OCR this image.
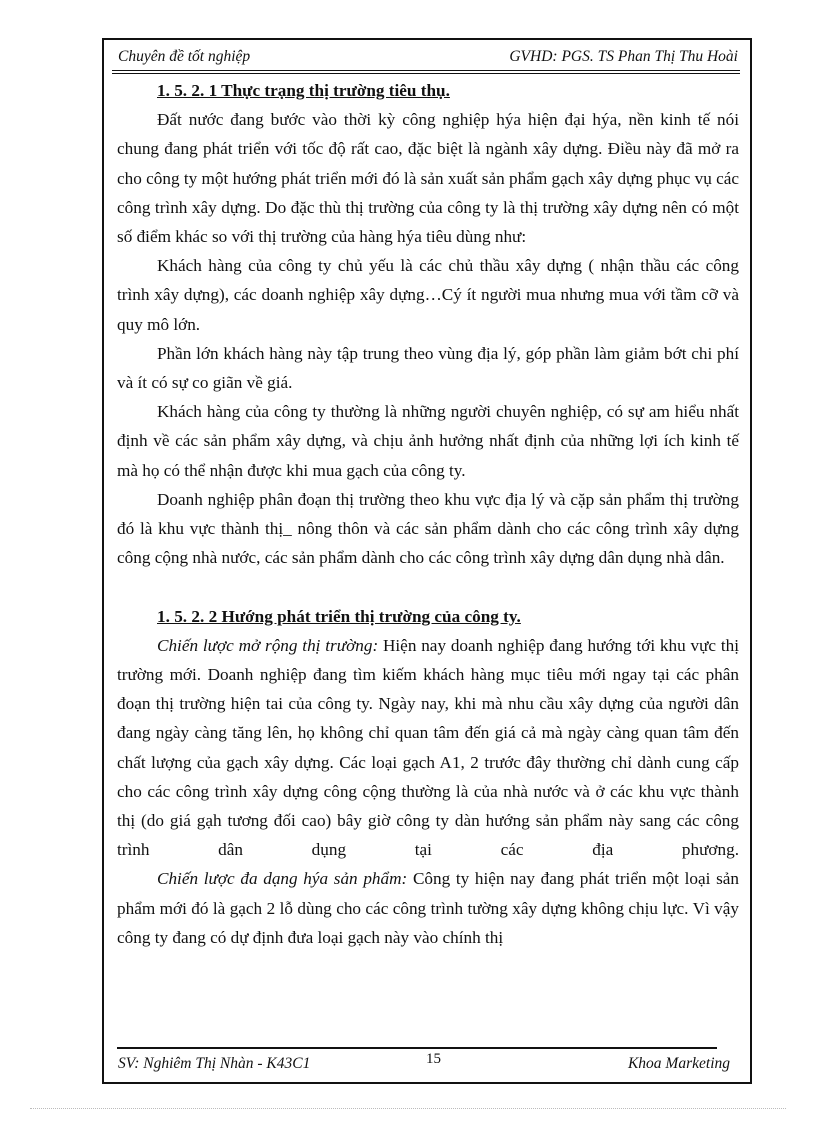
Chuyên đề tốt nghiệp	GVHD: PGS. TS Phan Thị Thu Hoài

1. 5. 2. 1 Thực trạng thị trường tiêu thụ.

Đất nước đang bước vào thời kỳ công nghiệp hýa hiện đại hýa, nền kinh tế nói chung đang phát triển với tốc độ rất cao, đặc biệt là ngành xây dựng. Điều này đã mở ra cho công ty một hướng phát triển mới đó là sản xuất sản phẩm gạch xây dựng phục vụ các công trình xây dựng. Do đặc thù thị trường của công ty là thị trường xây dựng nên có một số điểm khác so với thị trường của hàng hýa tiêu dùng như:

Khách hàng của công ty chủ yếu là các chủ thầu xây dựng ( nhận thầu các công trình xây dựng), các doanh nghiệp xây dựng…Cý ít người mua nhưng mua với tầm cỡ và quy mô lớn.

Phần lớn khách hàng này tập trung theo vùng địa lý, góp phần làm giảm bớt chi phí và ít có sự co giãn về giá.

Khách hàng của công ty thường là những người chuyên nghiệp, có sự am hiểu nhất định về các sản phẩm xây dựng, và chịu ảnh hưởng nhất định của những lợi ích kinh tế mà họ có thể nhận được khi mua gạch của công ty.

Doanh nghiệp phân đoạn thị trường theo khu vực địa lý và cặp sản phẩm thị trường đó là khu vực thành thị_ nông thôn và các sản phẩm dành cho các công trình xây dựng công cộng nhà nước, các sản phẩm dành cho các công trình xây dựng dân dụng nhà dân.

1. 5. 2. 2 Hướng phát triển thị trường của công ty.

Chiến lược mở rộng thị trường: Hiện nay doanh nghiệp đang hướng tới khu vực thị trường mới. Doanh nghiệp đang tìm kiếm khách hàng mục tiêu mới ngay tại các phân đoạn thị trường hiện tai của công ty. Ngày nay, khi mà nhu cầu xây dựng của người dân đang ngày càng tăng lên, họ không chỉ quan tâm đến giá cả mà ngày càng quan tâm đến chất lượng của gạch xây dựng. Các loại gạch A1, 2 trước đây thường chỉ dành cung cấp cho các công trình xây dựng công cộng thường là của nhà nước và ở các khu vực thành thị (do giá gạh tương đối cao) bây giờ công ty dàn hướng sản phẩm này sang các công trình dân dụng tại các địa phương.

Chiến lược đa dạng hýa sản phẩm: Công ty hiện nay đang phát triển một loại sản phẩm mới đó là gạch 2 lỗ dùng cho các công trình tường xây dựng không chịu lực. Vì vậy công ty đang có dự định đưa loại gạch này vào chính thị

SV: Nghiêm Thị Nhàn - K43C1	15	Khoa Marketing
